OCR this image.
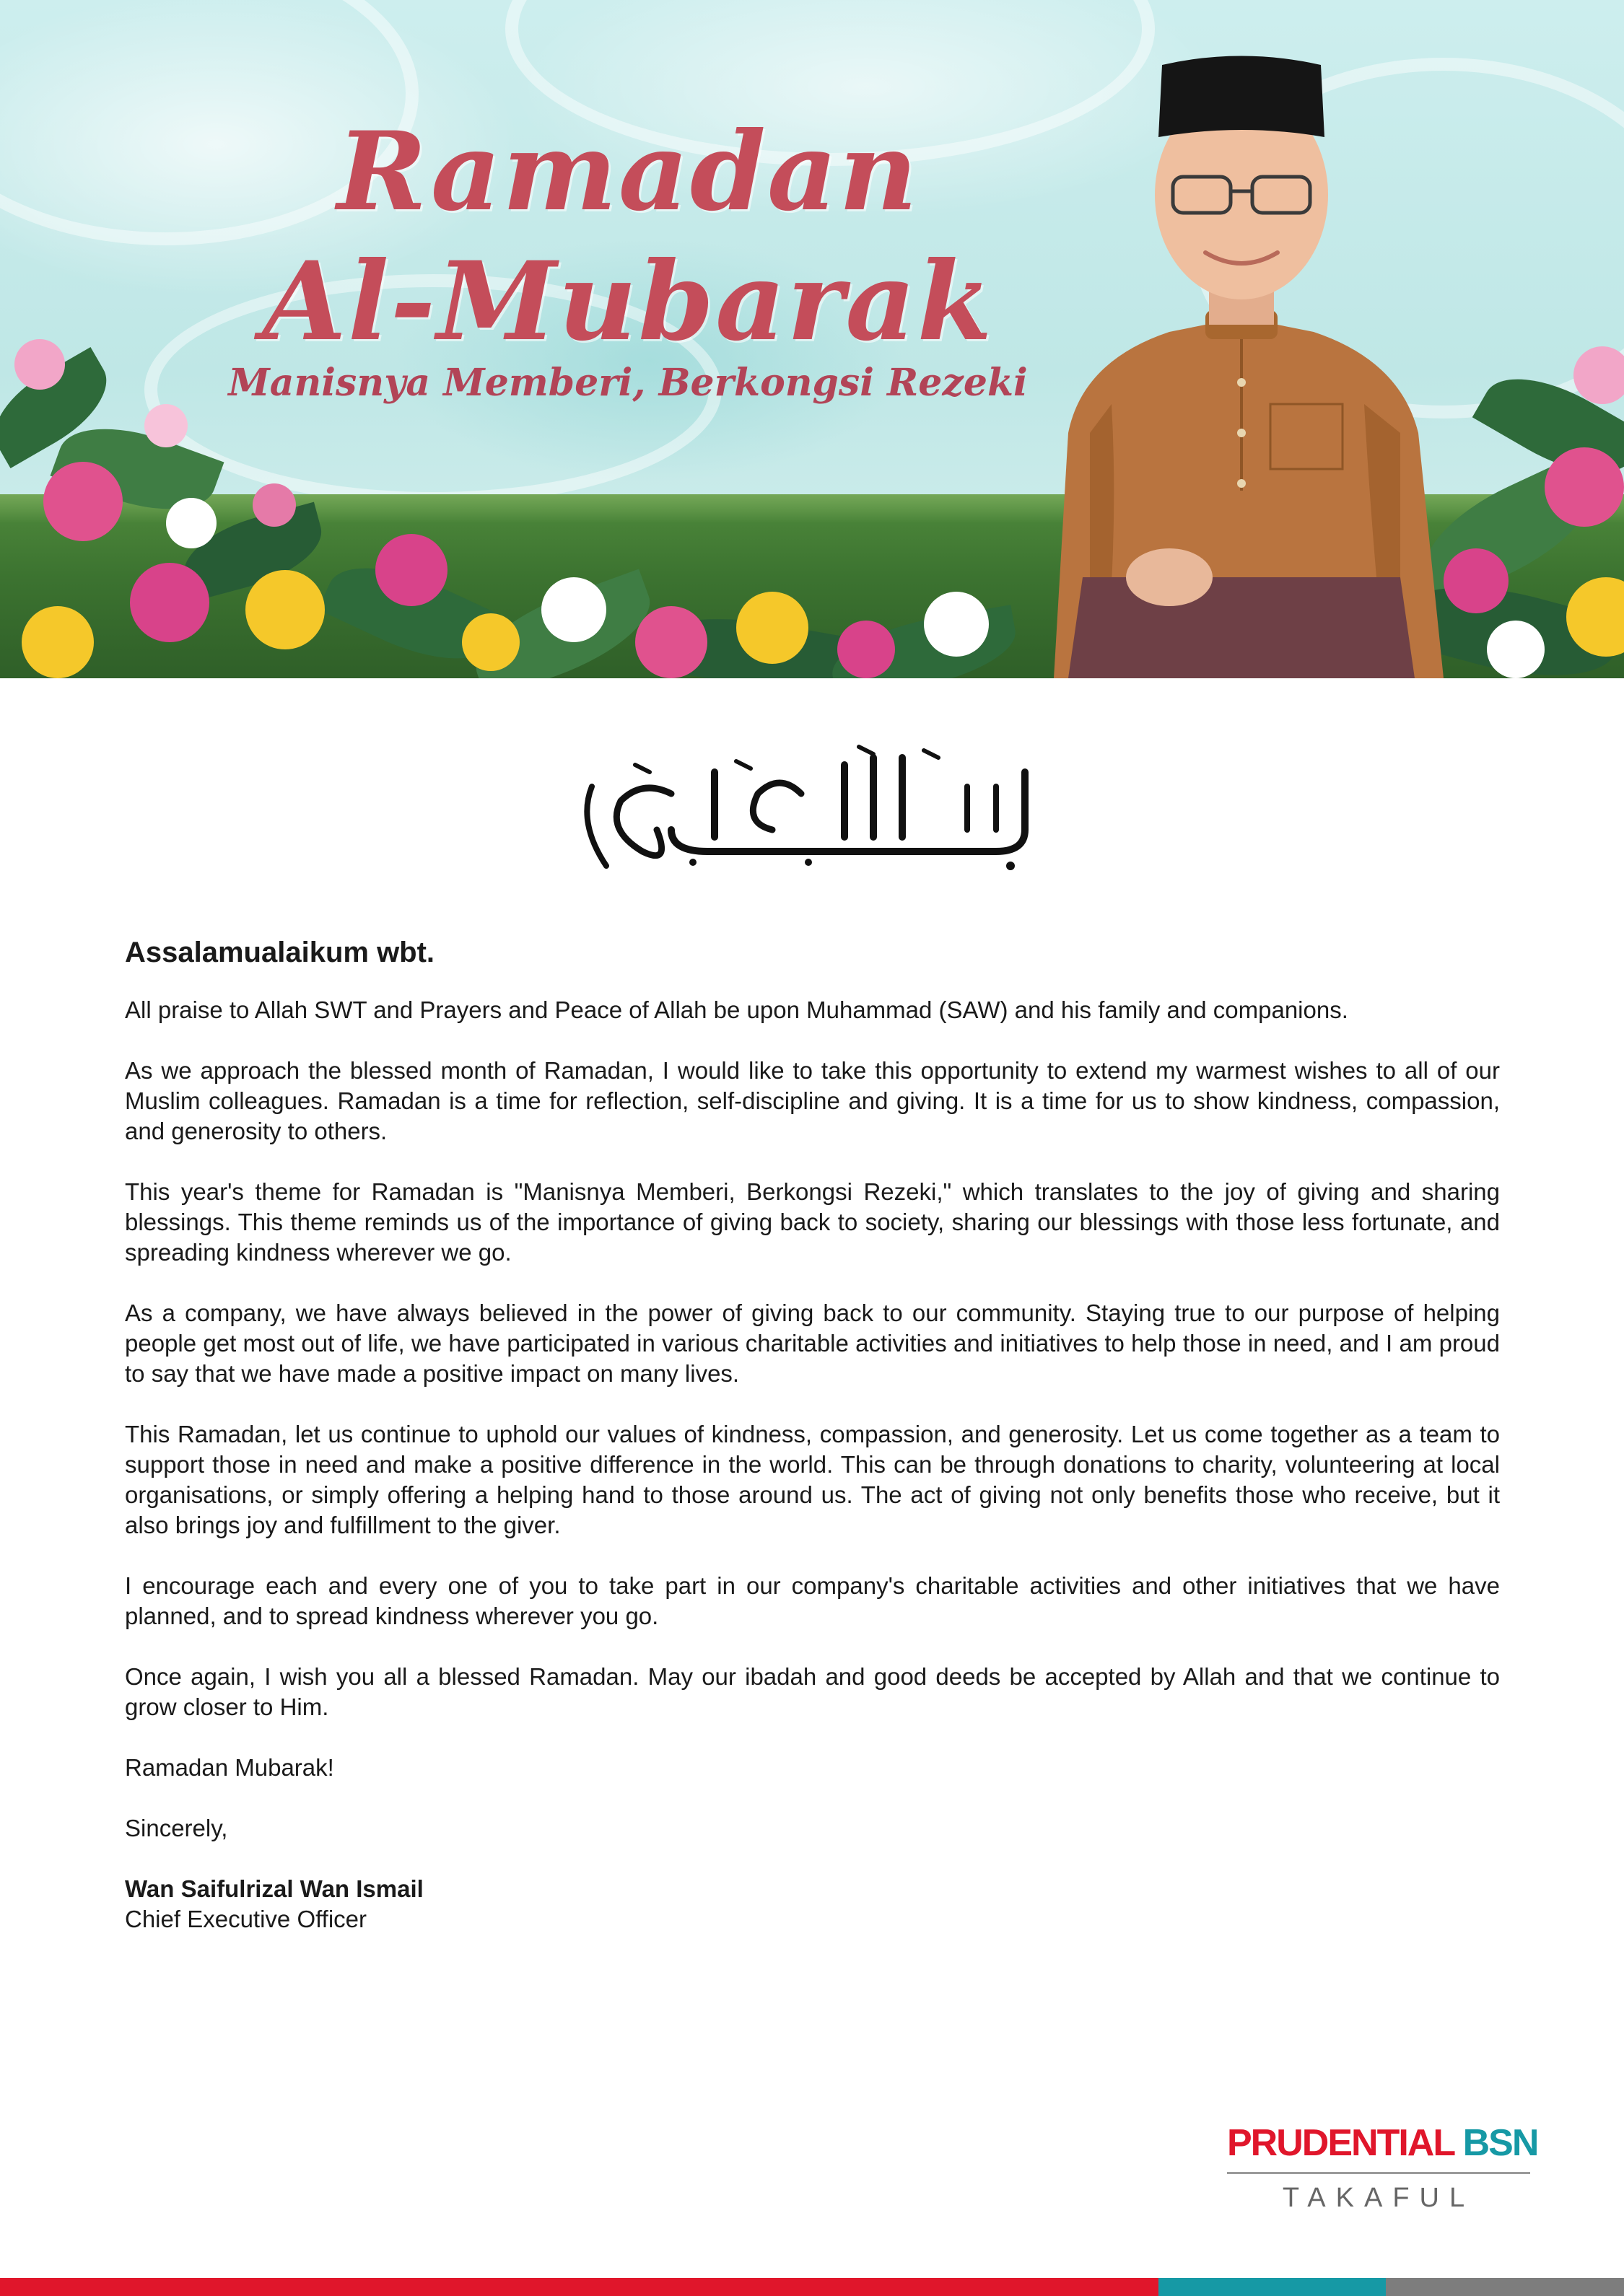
Ramadan
Al-Mubarak
Manisnya Memberi, Berkongsi Rezeki
Assalamualaikum wbt.

All praise to Allah SWT and Prayers and Peace of Allah be upon Muhammad (SAW) and his family and companions.

As we approach the blessed month of Ramadan, I would like to take this opportunity to extend my warmest wishes to all of our Muslim colleagues. Ramadan is a time for reflection, self-discipline and giving. It is a time for us to show kindness, compassion, and generosity to others.

This year's theme for Ramadan is "Manisnya Memberi, Berkongsi Rezeki," which translates to the joy of giving and sharing blessings. This theme reminds us of the importance of giving back to society, sharing our blessings with those less fortunate, and spreading kindness wherever we go.

As a company, we have always believed in the power of giving back to our community. Staying true to our purpose of helping people get most out of life, we have participated in various charitable activities and initiatives to help those in need, and I am proud to say that we have made a positive impact on many lives.

This Ramadan, let us continue to uphold our values of kindness, compassion, and generosity. Let us come together as a team to support those in need and make a positive difference in the world. This can be through donations to charity, volunteering at local organisations, or simply offering a helping hand to those around us. The act of giving not only benefits those who receive, but it also brings joy and fulfillment to the giver.

I encourage each and every one of you to take part in our company's charitable activities and other initiatives that we have planned, and to spread kindness wherever you go.

Once again, I wish you all a blessed Ramadan. May our ibadah and good deeds be accepted by Allah and that we continue to grow closer to Him.

Ramadan Mubarak!

Sincerely,

Wan Saifulrizal Wan Ismail
Chief Executive Officer
PRUDENTIAL BSN
TAKAFUL
